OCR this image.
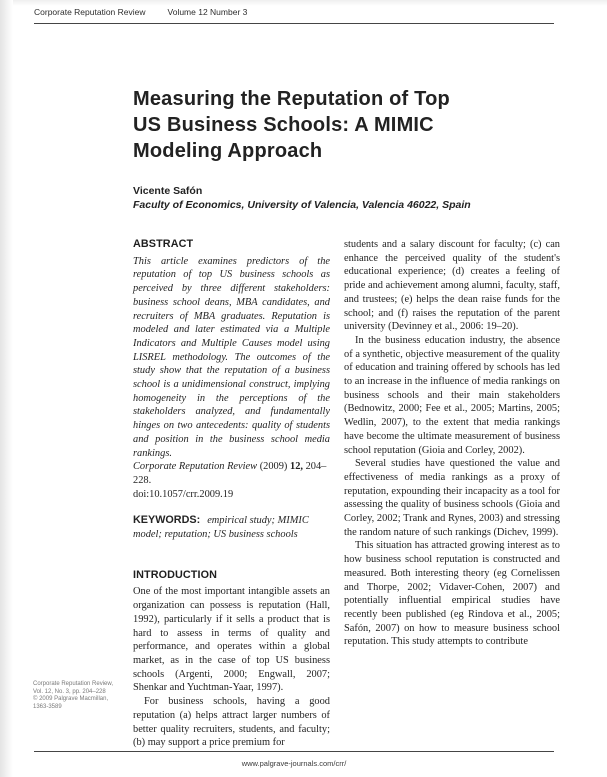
Corporate Reputation Review	Volume 12 Number 3
Measuring the Reputation of Top
US Business Schools: A MIMIC
Modeling Approach
Vicente Safón
Faculty of Economics, University of Valencia, Valencia 46022, Spain
ABSTRACT

This article examines predictors of the reputation of top US business schools as perceived by three different stakeholders: business school deans, MBA candidates, and recruiters of MBA graduates. Reputation is modeled and later estimated via a Multiple Indicators and Multiple Causes model using LISREL methodology. The outcomes of the study show that the reputation of a business school is a unidimensional construct, implying homogeneity in the perceptions of the stakeholders analyzed, and fundamentally hinges on two antecedents: quality of students and position in the business school media rankings.

Corporate Reputation Review (2009) 12, 204–228.

doi:10.1057/crr.2009.19

KEYWORDS: empirical study; MIMIC model; reputation; US business schools

INTRODUCTION

One of the most important intangible assets an organization can possess is reputation (Hall, 1992), particularly if it sells a product that is hard to assess in terms of quality and performance, and operates within a global market, as in the case of top US business schools (Argenti, 2000; Engwall, 2007; Shenkar and Yuchtman-Yaar, 1997).

For business schools, having a good reputation (a) helps attract larger numbers of better quality recruiters, students, and faculty; (b) may support a price premium for

students and a salary discount for faculty; (c) can enhance the perceived quality of the student's educational experience; (d) creates a feeling of pride and achievement among alumni, faculty, staff, and trustees; (e) helps the dean raise funds for the school; and (f) raises the reputation of the parent university (Devinney et al., 2006: 19–20).

In the business education industry, the absence of a synthetic, objective measurement of the quality of education and training offered by schools has led to an increase in the influence of media rankings on business schools and their main stakeholders (Bednowitz, 2000; Fee et al., 2005; Martins, 2005; Wedlin, 2007), to the extent that media rankings have become the ultimate measurement of business school reputation (Gioia and Corley, 2002).

Several studies have questioned the value and effectiveness of media rankings as a proxy of reputation, expounding their incapacity as a tool for assessing the quality of business schools (Gioia and Corley, 2002; Trank and Rynes, 2003) and stressing the random nature of such rankings (Dichev, 1999).

This situation has attracted growing interest as to how business school reputation is constructed and measured. Both interesting theory (eg Cornelissen and Thorpe, 2002; Vidaver-Cohen, 2007) and potentially influential empirical studies have recently been published (eg Rindova et al., 2005; Safón, 2007) on how to measure business school reputation. This study attempts to contribute

Corporate Reputation Review,
Vol. 12, No. 3, pp. 204–228
© 2009 Palgrave Macmillan,
1363-3589
www.palgrave-journals.com/crr/
